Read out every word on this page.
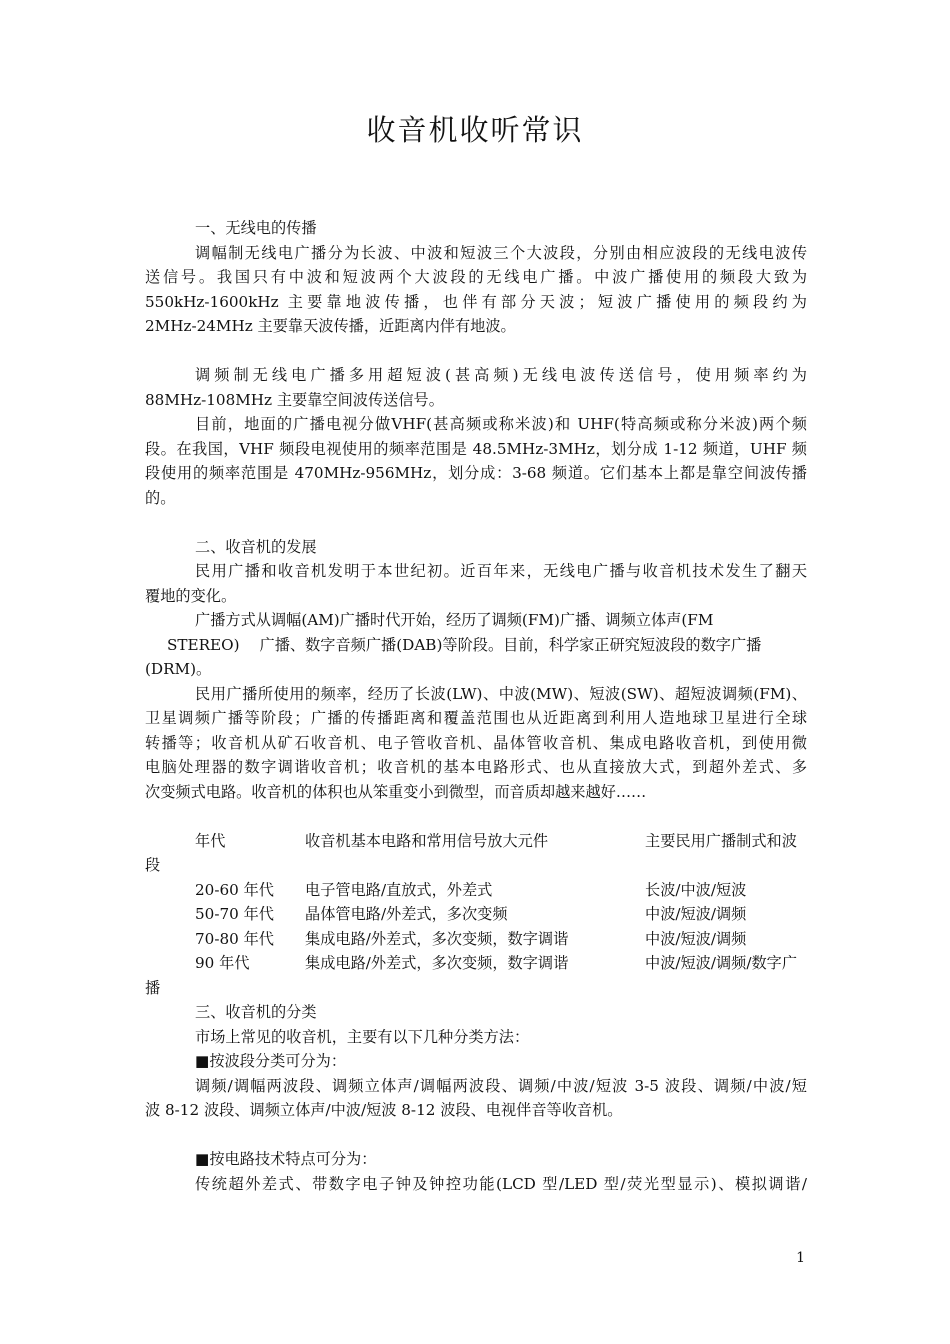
收音机收听常识
一、无线电的传播
调幅制无线电广播分为长波、中波和短波三个大波段，分别由相应波段的无线电波传
送信号。我国只有中波和短波两个大波段的无线电广播。中波广播使用的频段大致为
550kHz-1600kHz 主要靠地波传播，也伴有部分天波；短波广播使用的频段约为
2MHz-24MHz 主要靠天波传播，近距离内伴有地波。
调频制无线电广播多用超短波(甚高频)无线电波传送信号，使用频率约为
88MHz-108MHz 主要靠空间波传送信号。
目前，地面的广播电视分做VHF(甚高频或称米波)和 UHF(特高频或称分米波)两个频
段。在我国，VHF 频段电视使用的频率范围是 48.5MHz-3MHz，划分成 1-12 频道，UHF 频
段使用的频率范围是 470MHz-956MHz，划分成：3-68 频道。它们基本上都是靠空间波传播
的。
二、收音机的发展
民用广播和收音机发明于本世纪初。近百年来，无线电广播与收音机技术发生了翻天
覆地的变化。
广播方式从调幅(AM)广播时代开始，经历了调频(FM)广播、调频立体声(FM
STEREO)　 广播、数字音频广播(DAB)等阶段。目前，科学家正研究短波段的数字广播
(DRM)。
民用广播所使用的频率，经历了长波(LW)、中波(MW)、短波(SW)、超短波调频(FM)、
卫星调频广播等阶段；广播的传播距离和覆盖范围也从近距离到利用人造地球卫星进行全球
转播等；收音机从矿石收音机、电子管收音机、晶体管收音机、集成电路收音机，到使用微
电脑处理器的数字调谐收音机；收音机的基本电路形式、也从直接放大式，到超外差式、多
次变频式电路。收音机的体积也从笨重变小到微型，而音质却越来越好……
年代	收音机基本电路和常用信号放大元件	主要民用广播制式和波
段
20-60 年代	电子管电路/直放式，外差式	长波/中波/短波
50-70 年代	晶体管电路/外差式，多次变频	中波/短波/调频
70-80 年代	集成电路/外差式，多次变频，数字调谐	中波/短波/调频
90 年代	集成电路/外差式，多次变频，数字调谐	中波/短波/调频/数字广
播
三、收音机的分类
市场上常见的收音机，主要有以下几种分类方法：
■按波段分类可分为：
调频/调幅两波段、调频立体声/调幅两波段、调频/中波/短波 3-5 波段、调频/中波/短
波 8-12 波段、调频立体声/中波/短波 8-12 波段、电视伴音等收音机。
■按电路技术特点可分为：
传统超外差式、带数字电子钟及钟控功能(LCD 型/LED 型/荧光型显示)、模拟调谐/
1
